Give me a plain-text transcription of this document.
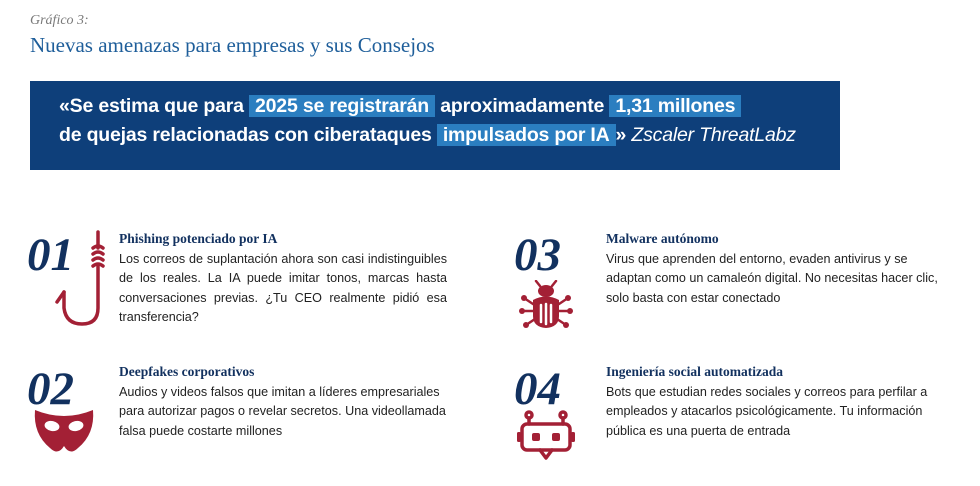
Gráfico 3:
Nuevas amenazas para empresas y sus Consejos
«Se estima que para 2025 se registrarán aproximadamente 1,31 millones
de quejas relacionadas con ciberataques impulsados por IA » Zscaler ThreatLabz
01	Phishing potenciado por IA
Los correos de suplantación ahora son casi indistinguibles de los reales. La IA puede imitar tonos, marcas hasta conversaciones previas. ¿Tu CEO realmente pidió esa transferencia?
02	Deepfakes corporativos
Audios y videos falsos que imitan a líderes empresariales para autorizar pagos o revelar secretos. Una videollamada falsa puede costarte millones
03	Malware autónomo
Virus que aprenden del entorno, evaden antivirus y se adaptan como un camaleón digital. No necesitas hacer clic, solo basta con estar conectado
04	Ingeniería social automatizada
Bots que estudian redes sociales y correos para perfilar a empleados y atacarlos psicológicamente. Tu información pública es una puerta de entrada
